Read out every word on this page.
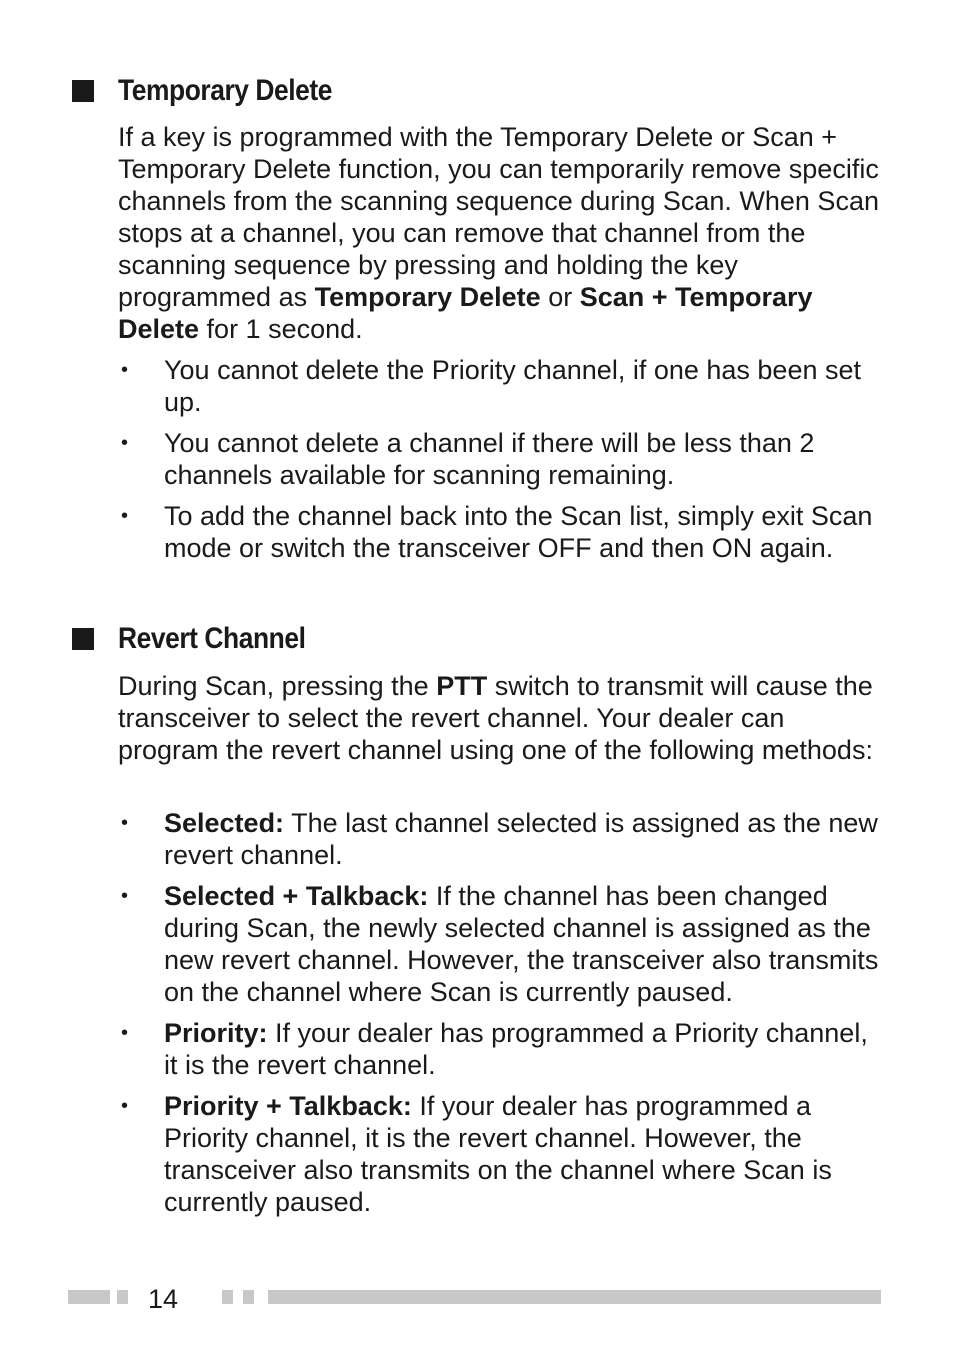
Temporary Delete

If a key is programmed with the Temporary Delete or Scan + Temporary Delete function, you can temporarily remove specific channels from the scanning sequence during Scan. When Scan stops at a channel, you can remove that channel from the scanning sequence by pressing and holding the key programmed as Temporary Delete or Scan + Temporary Delete for 1 second.

• You cannot delete the Priority channel, if one has been set up.
• You cannot delete a channel if there will be less than 2 channels available for scanning remaining.
• To add the channel back into the Scan list, simply exit Scan mode or switch the transceiver OFF and then ON again.
Revert Channel

During Scan, pressing the PTT switch to transmit will cause the transceiver to select the revert channel. Your dealer can program the revert channel using one of the following methods:

• Selected: The last channel selected is assigned as the new revert channel.
• Selected + Talkback: If the channel has been changed during Scan, the newly selected channel is assigned as the new revert channel. However, the transceiver also transmits on the channel where Scan is currently paused.
• Priority: If your dealer has programmed a Priority channel, it is the revert channel.
• Priority + Talkback: If your dealer has programmed a Priority channel, it is the revert channel. However, the transceiver also transmits on the channel where Scan is currently paused.
14
